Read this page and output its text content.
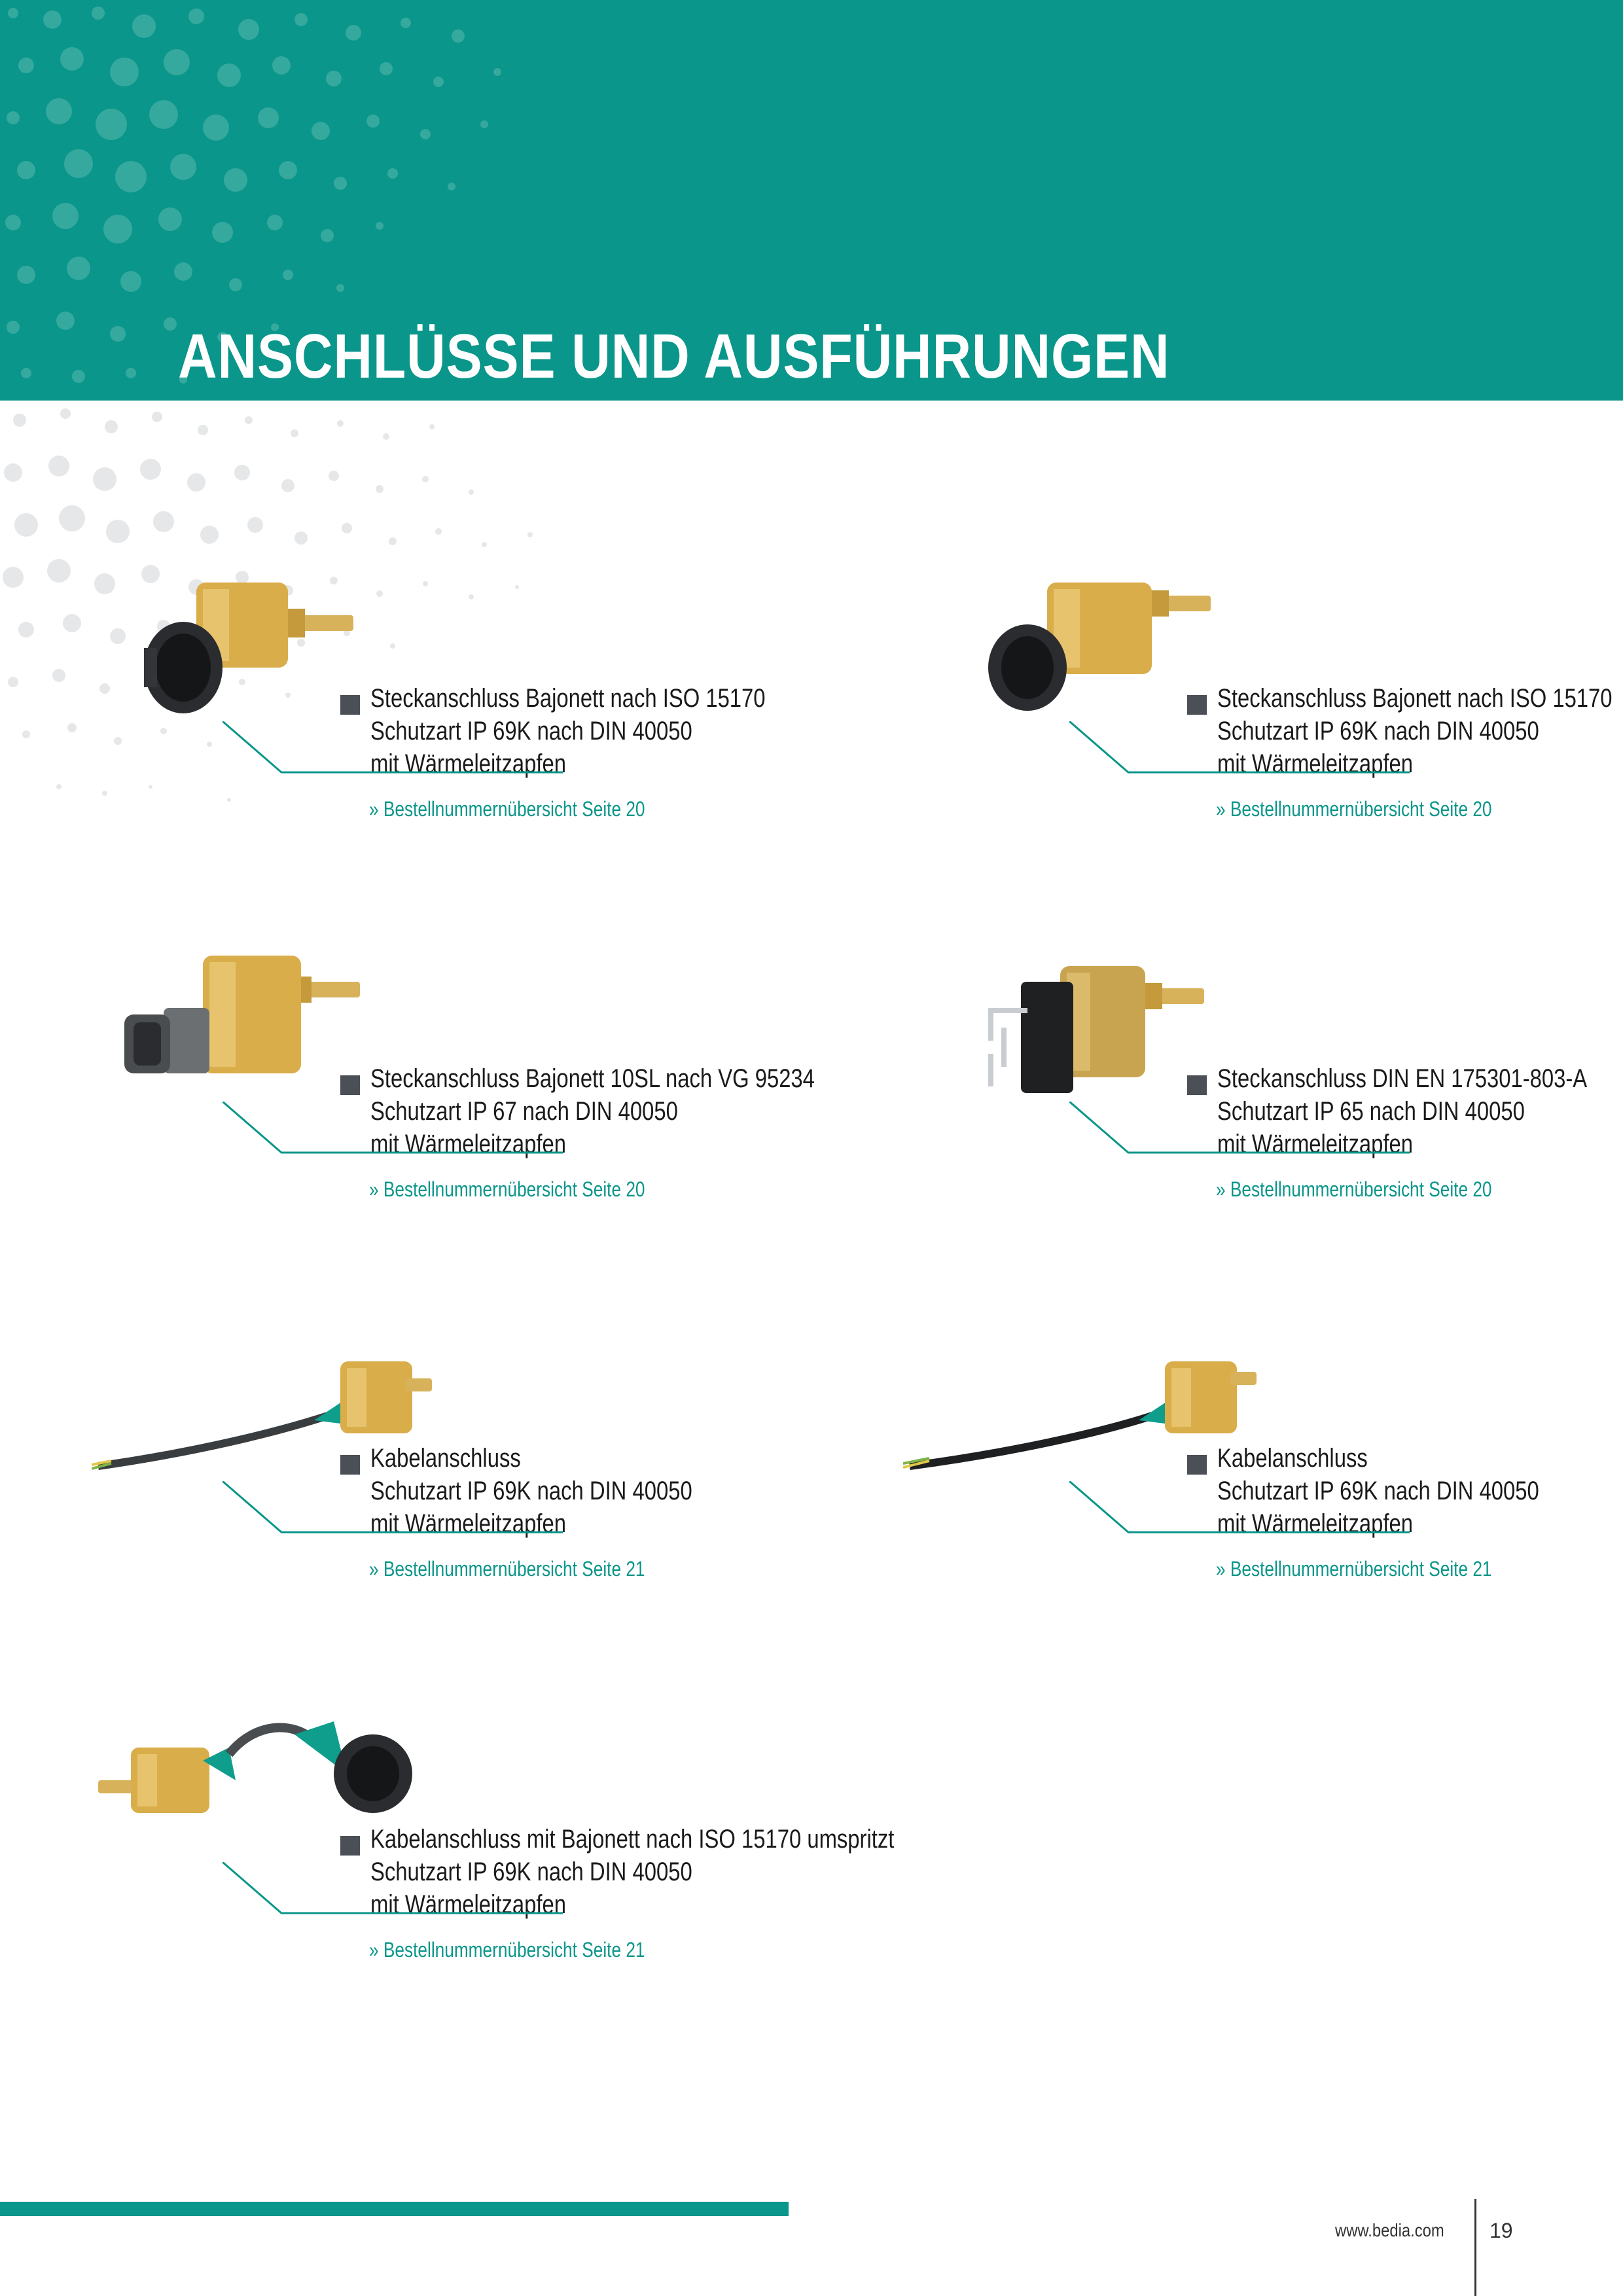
ANSCHLÜSSE UND AUSFÜHRUNGEN
Steckanschluss Bajonett nach ISO 15170
Schutzart IP 69K nach DIN 40050
mit Wärmeleitzapfen
» Bestellnummernübersicht Seite 20
Steckanschluss Bajonett nach ISO 15170
Schutzart IP 69K nach DIN 40050
mit Wärmeleitzapfen
» Bestellnummernübersicht Seite 20
Steckanschluss Bajonett 10SL nach VG 95234
Schutzart IP 67 nach DIN 40050
mit Wärmeleitzapfen
» Bestellnummernübersicht Seite 20
Steckanschluss DIN EN 175301-803-A
Schutzart IP 65 nach DIN 40050
mit Wärmeleitzapfen
» Bestellnummernübersicht Seite 20
Kabelanschluss
Schutzart IP 69K nach DIN 40050
mit Wärmeleitzapfen
» Bestellnummernübersicht Seite 21
Kabelanschluss
Schutzart IP 69K nach DIN 40050
mit Wärmeleitzapfen
» Bestellnummernübersicht Seite 21
Kabelanschluss mit Bajonett nach ISO 15170 umspritzt
Schutzart IP 69K nach DIN 40050
mit Wärmeleitzapfen
» Bestellnummernübersicht Seite 21
www.bedia.com 19
